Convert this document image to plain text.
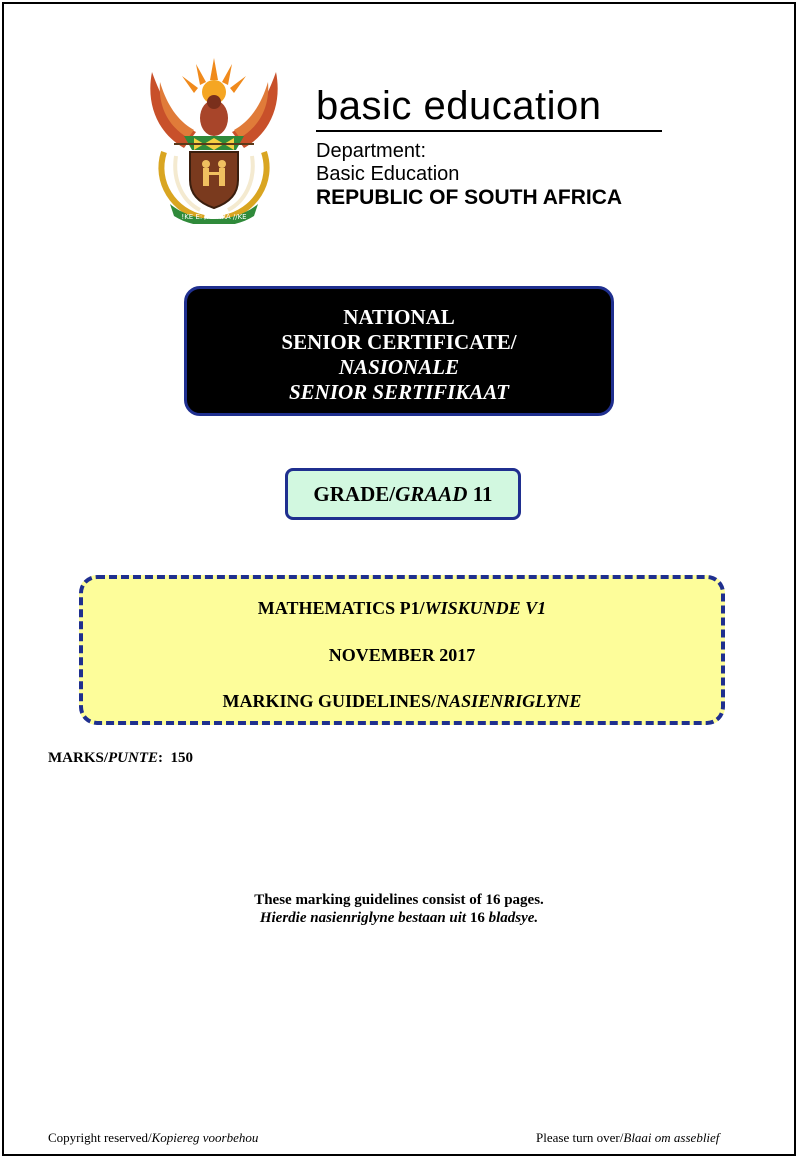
!KE E: /XARRA //KE
basic education
Department:
Basic Education
REPUBLIC OF SOUTH AFRICA
NATIONAL
SENIOR CERTIFICATE/
NASIONALE
SENIOR SERTIFIKAAT
GRADE/GRAAD 11
MATHEMATICS P1/WISKUNDE V1
NOVEMBER 2017
MARKING GUIDELINES/NASIENRIGLYNE
MARKS/PUNTE: 150
These marking guidelines consist of 16 pages.
Hierdie nasienriglyne bestaan uit 16 bladsye.
Copyright reserved/Kopiereg voorbehou	Please turn over/Blaai om asseblief
